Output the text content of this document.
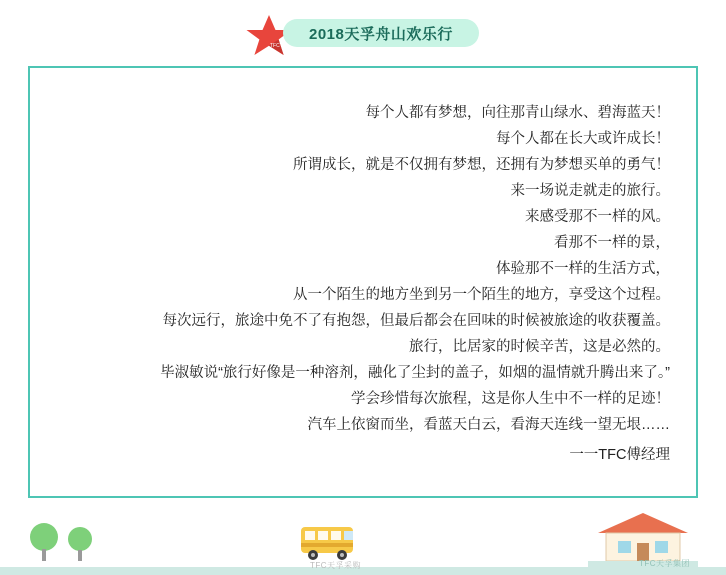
TFC
2018天孚舟山欢乐行
每个人都有梦想，向往那青山绿水、碧海蓝天！
每个人都在长大或许成长！
所谓成长，就是不仅拥有梦想，还拥有为梦想买单的勇气！
来一场说走就走的旅行。
来感受那不一样的风。
看那不一样的景，
体验那不一样的生活方式，
从一个陌生的地方坐到另一个陌生的地方，享受这个过程。
每次远行，旅途中免不了有抱怨，但最后都会在回味的时候被旅途的收获覆盖。
旅行，比居家的时候辛苦，这是必然的。
毕淑敏说“旅行好像是一种溶剂，融化了尘封的盖子，如烟的温情就升腾出来了。”
学会珍惜每次旅程，这是你人生中不一样的足迹！
汽车上依窗而坐，看蓝天白云，看海天连线一望无垠……
一一TFC傅经理
TFC天孚采购	TFC天孚集团
